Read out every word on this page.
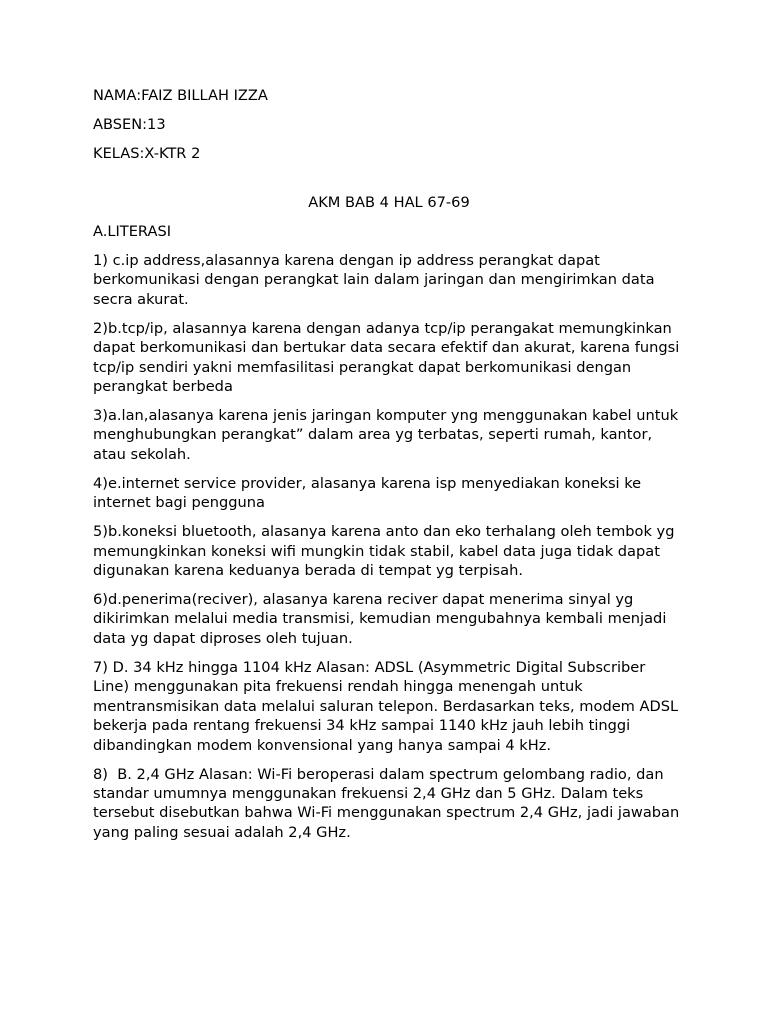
NAMA:FAIZ BILLAH IZZA

ABSEN:13

KELAS:X-KTR 2

AKM BAB 4 HAL 67-69

A.LITERASI

1) c.ip address,alasannya karena dengan ip address perangkat dapat berkomunikasi dengan perangkat lain dalam jaringan dan mengirimkan data secra akurat.

2)b.tcp/ip, alasannya karena dengan adanya tcp/ip perangakat memungkinkan dapat berkomunikasi dan bertukar data secara efektif dan akurat, karena fungsi tcp/ip sendiri yakni memfasilitasi perangkat dapat berkomunikasi dengan perangkat berbeda

3)a.lan,alasanya karena jenis jaringan komputer yng menggunakan kabel untuk menghubungkan perangkat” dalam area yg terbatas, seperti rumah, kantor, atau sekolah.

4)e.internet service provider, alasanya karena isp menyediakan koneksi ke internet bagi pengguna

5)b.koneksi bluetooth, alasanya karena anto dan eko terhalang oleh tembok yg memungkinkan koneksi wifi mungkin tidak stabil, kabel data juga tidak dapat digunakan karena keduanya berada di tempat yg terpisah.

6)d.penerima(reciver), alasanya karena reciver dapat menerima sinyal yg dikirimkan melalui media transmisi, kemudian mengubahnya kembali menjadi data yg dapat diproses oleh tujuan.

7) D. 34 kHz hingga 1104 kHz Alasan: ADSL (Asymmetric Digital Subscriber Line) menggunakan pita frekuensi rendah hingga menengah untuk mentransmisikan data melalui saluran telepon. Berdasarkan teks, modem ADSL bekerja pada rentang frekuensi 34 kHz sampai 1140 kHz jauh lebih tinggi dibandingkan modem konvensional yang hanya sampai 4 kHz.

8)  B. 2,4 GHz Alasan: Wi-Fi beroperasi dalam spectrum gelombang radio, dan standar umumnya menggunakan frekuensi 2,4 GHz dan 5 GHz. Dalam teks tersebut disebutkan bahwa Wi-Fi menggunakan spectrum 2,4 GHz, jadi jawaban yang paling sesuai adalah 2,4 GHz.
